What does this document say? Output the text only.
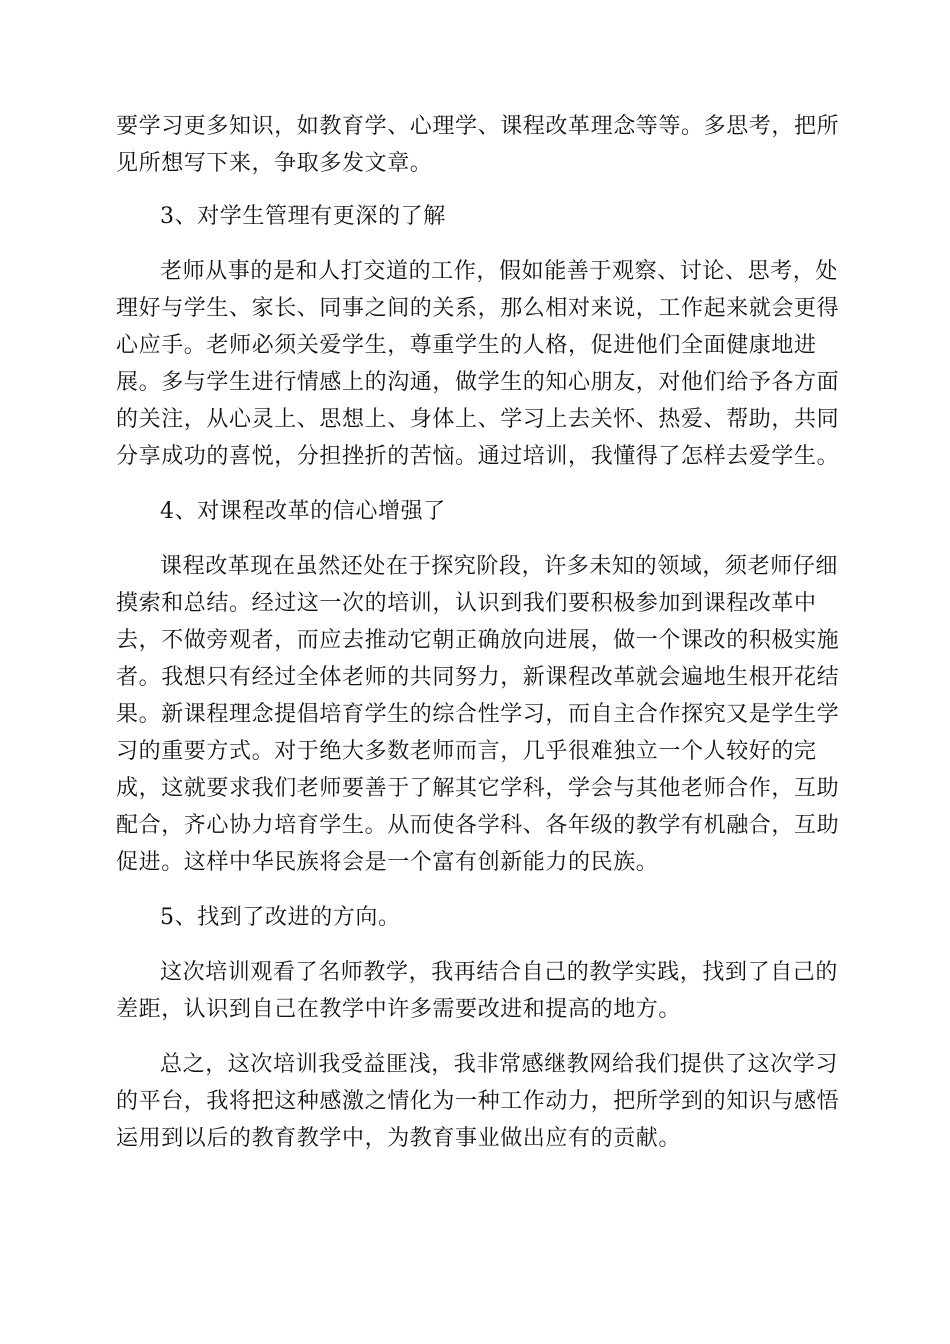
要学习更多知识，如教育学、心理学、课程改革理念等等。多思考，把所
见所想写下来，争取多发文章。
3、对学生管理有更深的了解
老师从事的是和人打交道的工作，假如能善于观察、讨论、思考，处
理好与学生、家长、同事之间的关系，那么相对来说，工作起来就会更得
心应手。老师必须关爱学生，尊重学生的人格，促进他们全面健康地进
展。多与学生进行情感上的沟通，做学生的知心朋友，对他们给予各方面
的关注，从心灵上、思想上、身体上、学习上去关怀、热爱、帮助，共同
分享成功的喜悦，分担挫折的苦恼。通过培训，我懂得了怎样去爱学生。
4、对课程改革的信心增强了
课程改革现在虽然还处在于探究阶段，许多未知的领域，须老师仔细
摸索和总结。经过这一次的培训，认识到我们要积极参加到课程改革中
去，不做旁观者，而应去推动它朝正确放向进展，做一个课改的积极实施
者。我想只有经过全体老师的共同努力，新课程改革就会遍地生根开花结
果。新课程理念提倡培育学生的综合性学习，而自主合作探究又是学生学
习的重要方式。对于绝大多数老师而言，几乎很难独立一个人较好的完
成，这就要求我们老师要善于了解其它学科，学会与其他老师合作，互助
配合，齐心协力培育学生。从而使各学科、各年级的教学有机融合，互助
促进。这样中华民族将会是一个富有创新能力的民族。
5、找到了改进的方向。
这次培训观看了名师教学，我再结合自己的教学实践，找到了自己的
差距，认识到自己在教学中许多需要改进和提高的地方。
总之，这次培训我受益匪浅，我非常感继教网给我们提供了这次学习
的平台，我将把这种感激之情化为一种工作动力，把所学到的知识与感悟
运用到以后的教育教学中，为教育事业做出应有的贡献。
